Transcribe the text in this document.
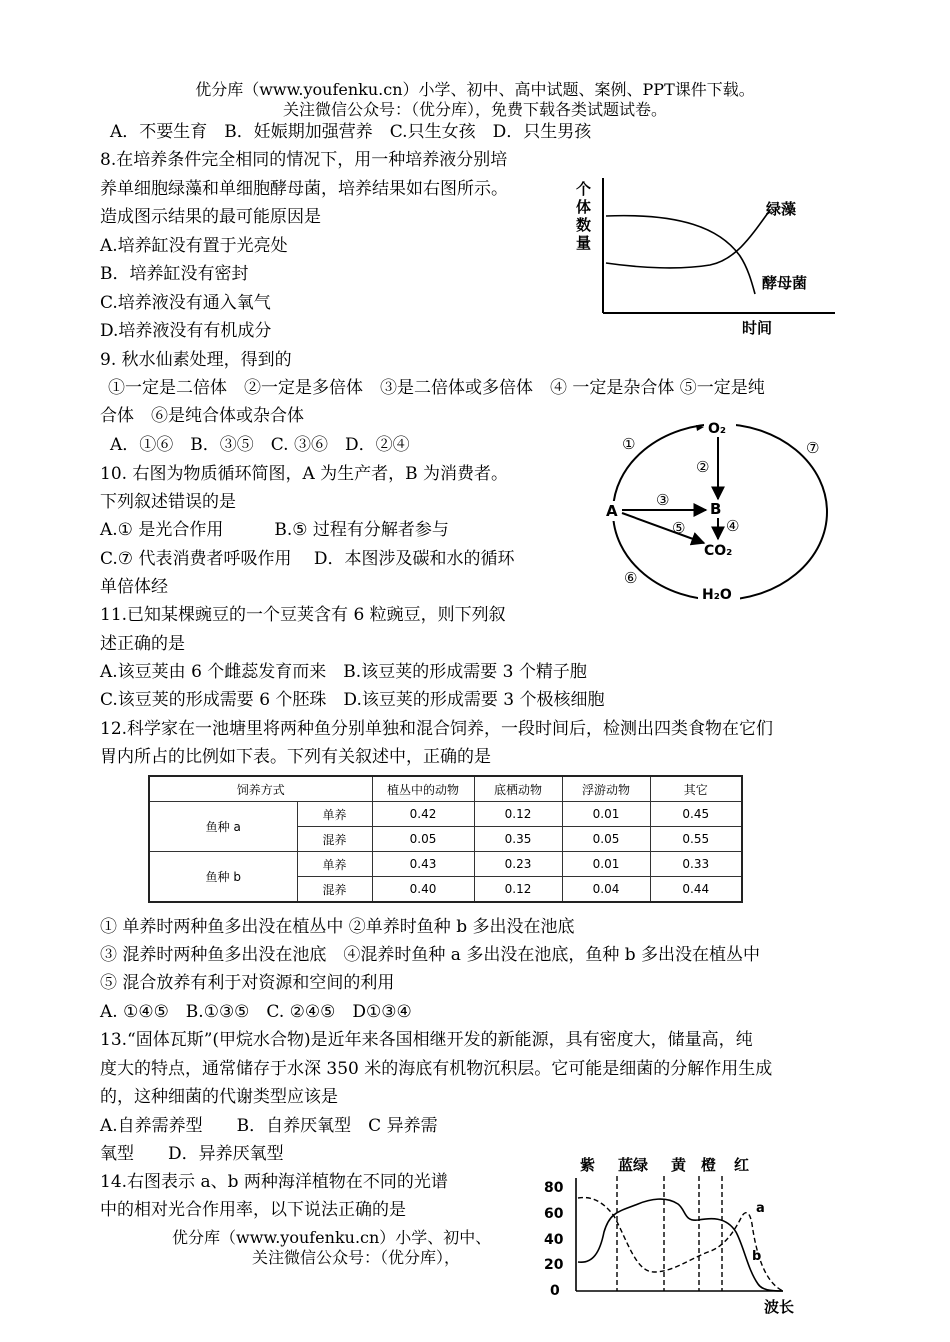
优分库（www.youfenku.cn）小学、初中、高中试题、案例、PPT课件下载。
关注微信公众号：（优分库），免费下载各类试题试卷。
A．不要生育　B．妊娠期加强营养　C.只生女孩　D．只生男孩
8.在培养条件完全相同的情况下，用一种培养液分别培
养单细胞绿藻和单细胞酵母菌，培养结果如右图所示。
造成图示结果的最可能原因是
A.培养缸没有置于光亮处
B．培养缸没有密封
C.培养液没有通入氧气
D.培养液没有有机成分
个
体
数
量
绿藻
酵母菌
时间
9. 秋水仙素处理，得到的
①一定是二倍体　②一定是多倍体　③是二倍体或多倍体　④ 一定是杂合体 ⑤一定是纯
合体　⑥是纯合体或杂合体
A．①⑥　B．③⑤　C. ③⑥　D．②④
10. 右图为物质循环简图，A 为生产者，B 为消费者。
下列叙述错误的是
A.① 是光合作用　　　B.⑤ 过程有分解者参与
C.⑦ 代表消费者呼吸作用　 D．本图涉及碳和水的循环
单倍体经
O₂
A	B
CO₂
H₂O
①
②
③
④
⑤
⑥
⑦
11.已知某棵豌豆的一个豆荚含有 6 粒豌豆，则下列叙
述正确的是
A.该豆荚由 6 个雌蕊发育而来　B.该豆荚的形成需要 3 个精子胞
C.该豆荚的形成需要 6 个胚珠　D.该豆荚的形成需要 3 个极核细胞
12.科学家在一池塘里将两种鱼分别单独和混合饲养，一段时间后，检测出四类食物在它们
胃内所占的比例如下表。下列有关叙述中，正确的是
饲养方式		植丛中的动物	底栖动物	浮游动物	其它
鱼种 a	单养	0.42	0.12	0.01	0.45
	混养	0.05	0.35	0.05	0.55
鱼种 b	单养	0.43	0.23	0.01	0.33
	混养	0.40	0.12	0.04	0.44
① 单养时两种鱼多出没在植丛中 ②单养时鱼种 b 多出没在池底
③ 混养时两种鱼多出没在池底　④混养时鱼种 a 多出没在池底，鱼种 b 多出没在植丛中
⑤ 混合放养有利于对资源和空间的利用
A. ①④⑤　B.①③⑤　C. ②④⑤　D①③④
13.“固体瓦斯”(甲烷水合物)是近年来各国相继开发的新能源，具有密度大，储量高，纯
度大的特点，通常储存于水深 350 米的海底有机物沉积层。它可能是细菌的分解作用生成
的，这种细菌的代谢类型应该是
A.自养需养型　　B．自养厌氧型　C 异养需
氧型　　D．异养厌氧型
14.右图表示 a、b 两种海洋植物在不同的光谱
中的相对光合作用率，以下说法正确的是
紫 蓝绿 黄 橙 红
80
60
40
20
0
a
b
波长
优分库（www.youfenku.cn）小学、初中、
关注微信公众号：（优分库），
